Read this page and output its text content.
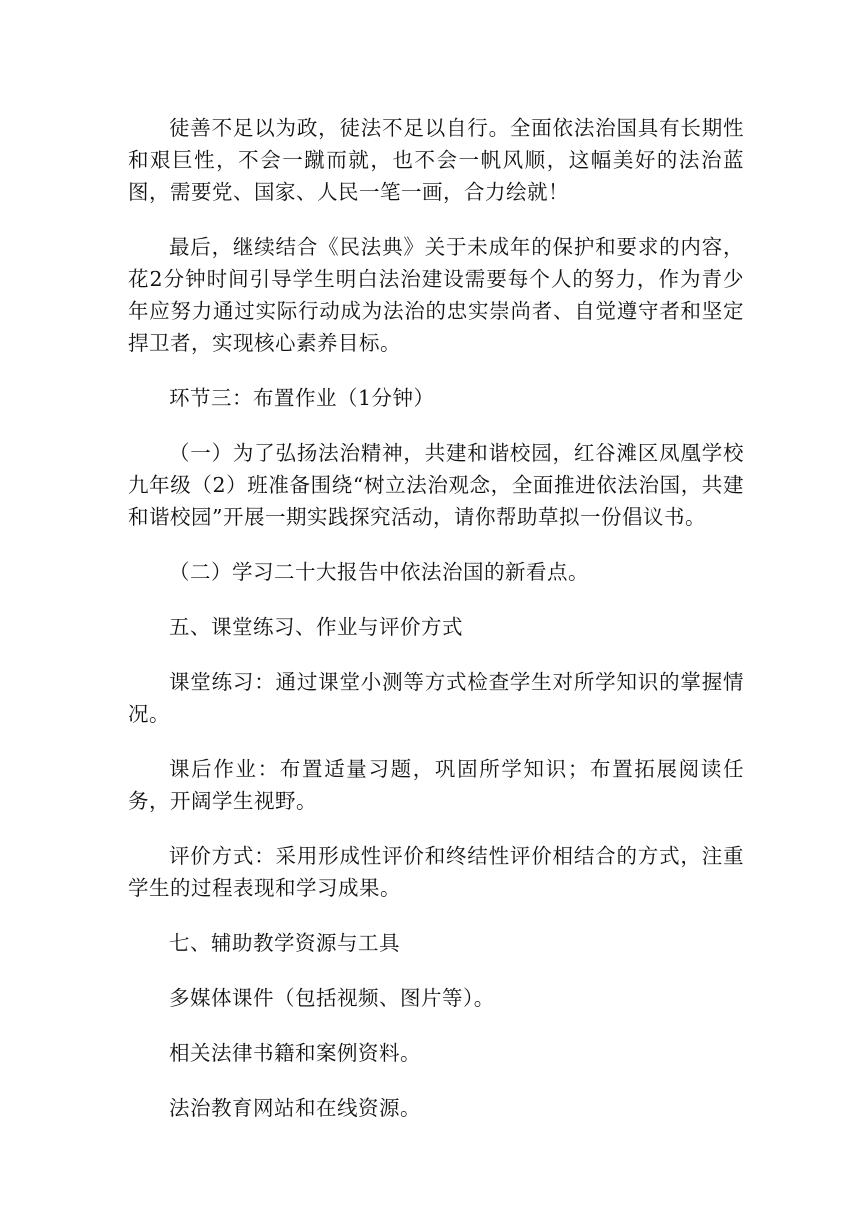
徒善不足以为政，徒法不足以自行。全面依法治国具有长期性和艰巨性，不会一蹴而就，也不会一帆风顺，这幅美好的法治蓝图，需要党、国家、人民一笔一画，合力绘就！

最后，继续结合《民法典》关于未成年的保护和要求的内容，花2分钟时间引导学生明白法治建设需要每个人的努力，作为青少年应努力通过实际行动成为法治的忠实崇尚者、自觉遵守者和坚定捍卫者，实现核心素养目标。

环节三：布置作业（1分钟）

（一）为了弘扬法治精神，共建和谐校园，红谷滩区凤凰学校九年级（2）班准备围绕“树立法治观念，全面推进依法治国，共建和谐校园”开展一期实践探究活动，请你帮助草拟一份倡议书。

（二）学习二十大报告中依法治国的新看点。

五、课堂练习、作业与评价方式

课堂练习：通过课堂小测等方式检查学生对所学知识的掌握情况。

课后作业：布置适量习题，巩固所学知识；布置拓展阅读任务，开阔学生视野。

评价方式：采用形成性评价和终结性评价相结合的方式，注重学生的过程表现和学习成果。

七、辅助教学资源与工具

多媒体课件（包括视频、图片等）。

相关法律书籍和案例资料。

法治教育网站和在线资源。
